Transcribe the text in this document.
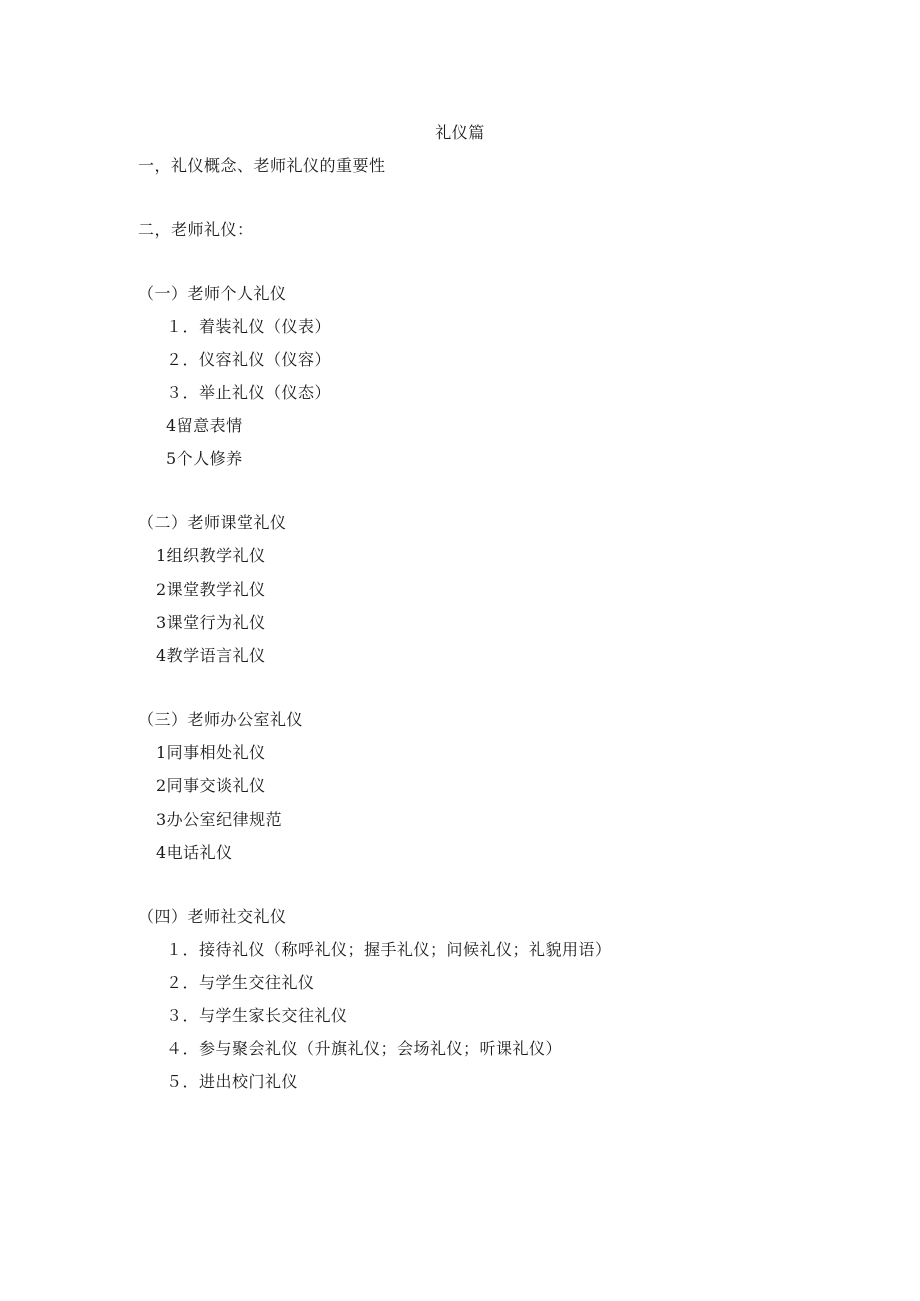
礼仪篇
一，礼仪概念、老师礼仪的重要性
二，老师礼仪：
（一）老师个人礼仪
１．着装礼仪（仪表）
２．仪容礼仪（仪容）
３．举止礼仪（仪态）
4留意表情
5个人修养
（二）老师课堂礼仪
1组织教学礼仪
2课堂教学礼仪
3课堂行为礼仪
4教学语言礼仪
（三）老师办公室礼仪
1同事相处礼仪
2同事交谈礼仪
3办公室纪律规范
4电话礼仪
（四）老师社交礼仪
１．接待礼仪（称呼礼仪；握手礼仪；问候礼仪；礼貌用语）
２．与学生交往礼仪
３．与学生家长交往礼仪
４．参与聚会礼仪（升旗礼仪；会场礼仪；听课礼仪）
５．进出校门礼仪
